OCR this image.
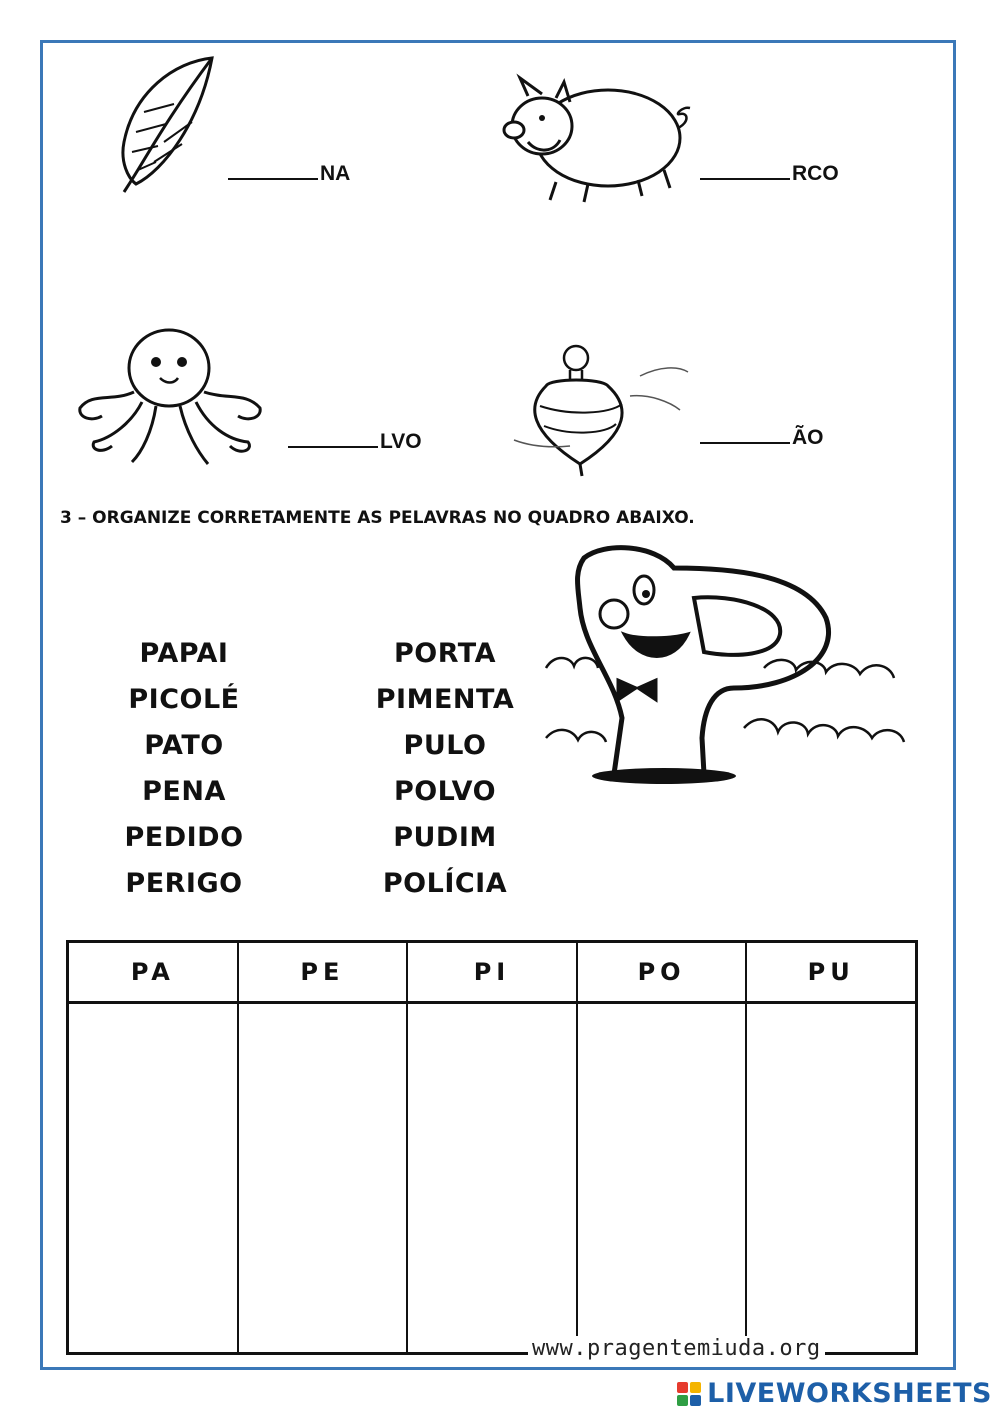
NA	RCO
LVO	ÃO
3 – ORGANIZE CORRETAMENTE AS PELAVRAS NO QUADRO ABAIXO.
PAPAI
PICOLÉ
PATO
PENA
PEDIDO
PERIGO
PORTA
PIMENTA
PULO
POLVO
PUDIM
POLÍCIA
PA	PE	PI	PO	PU
www.pragentemiuda.org
LIVEWORKSHEETS
